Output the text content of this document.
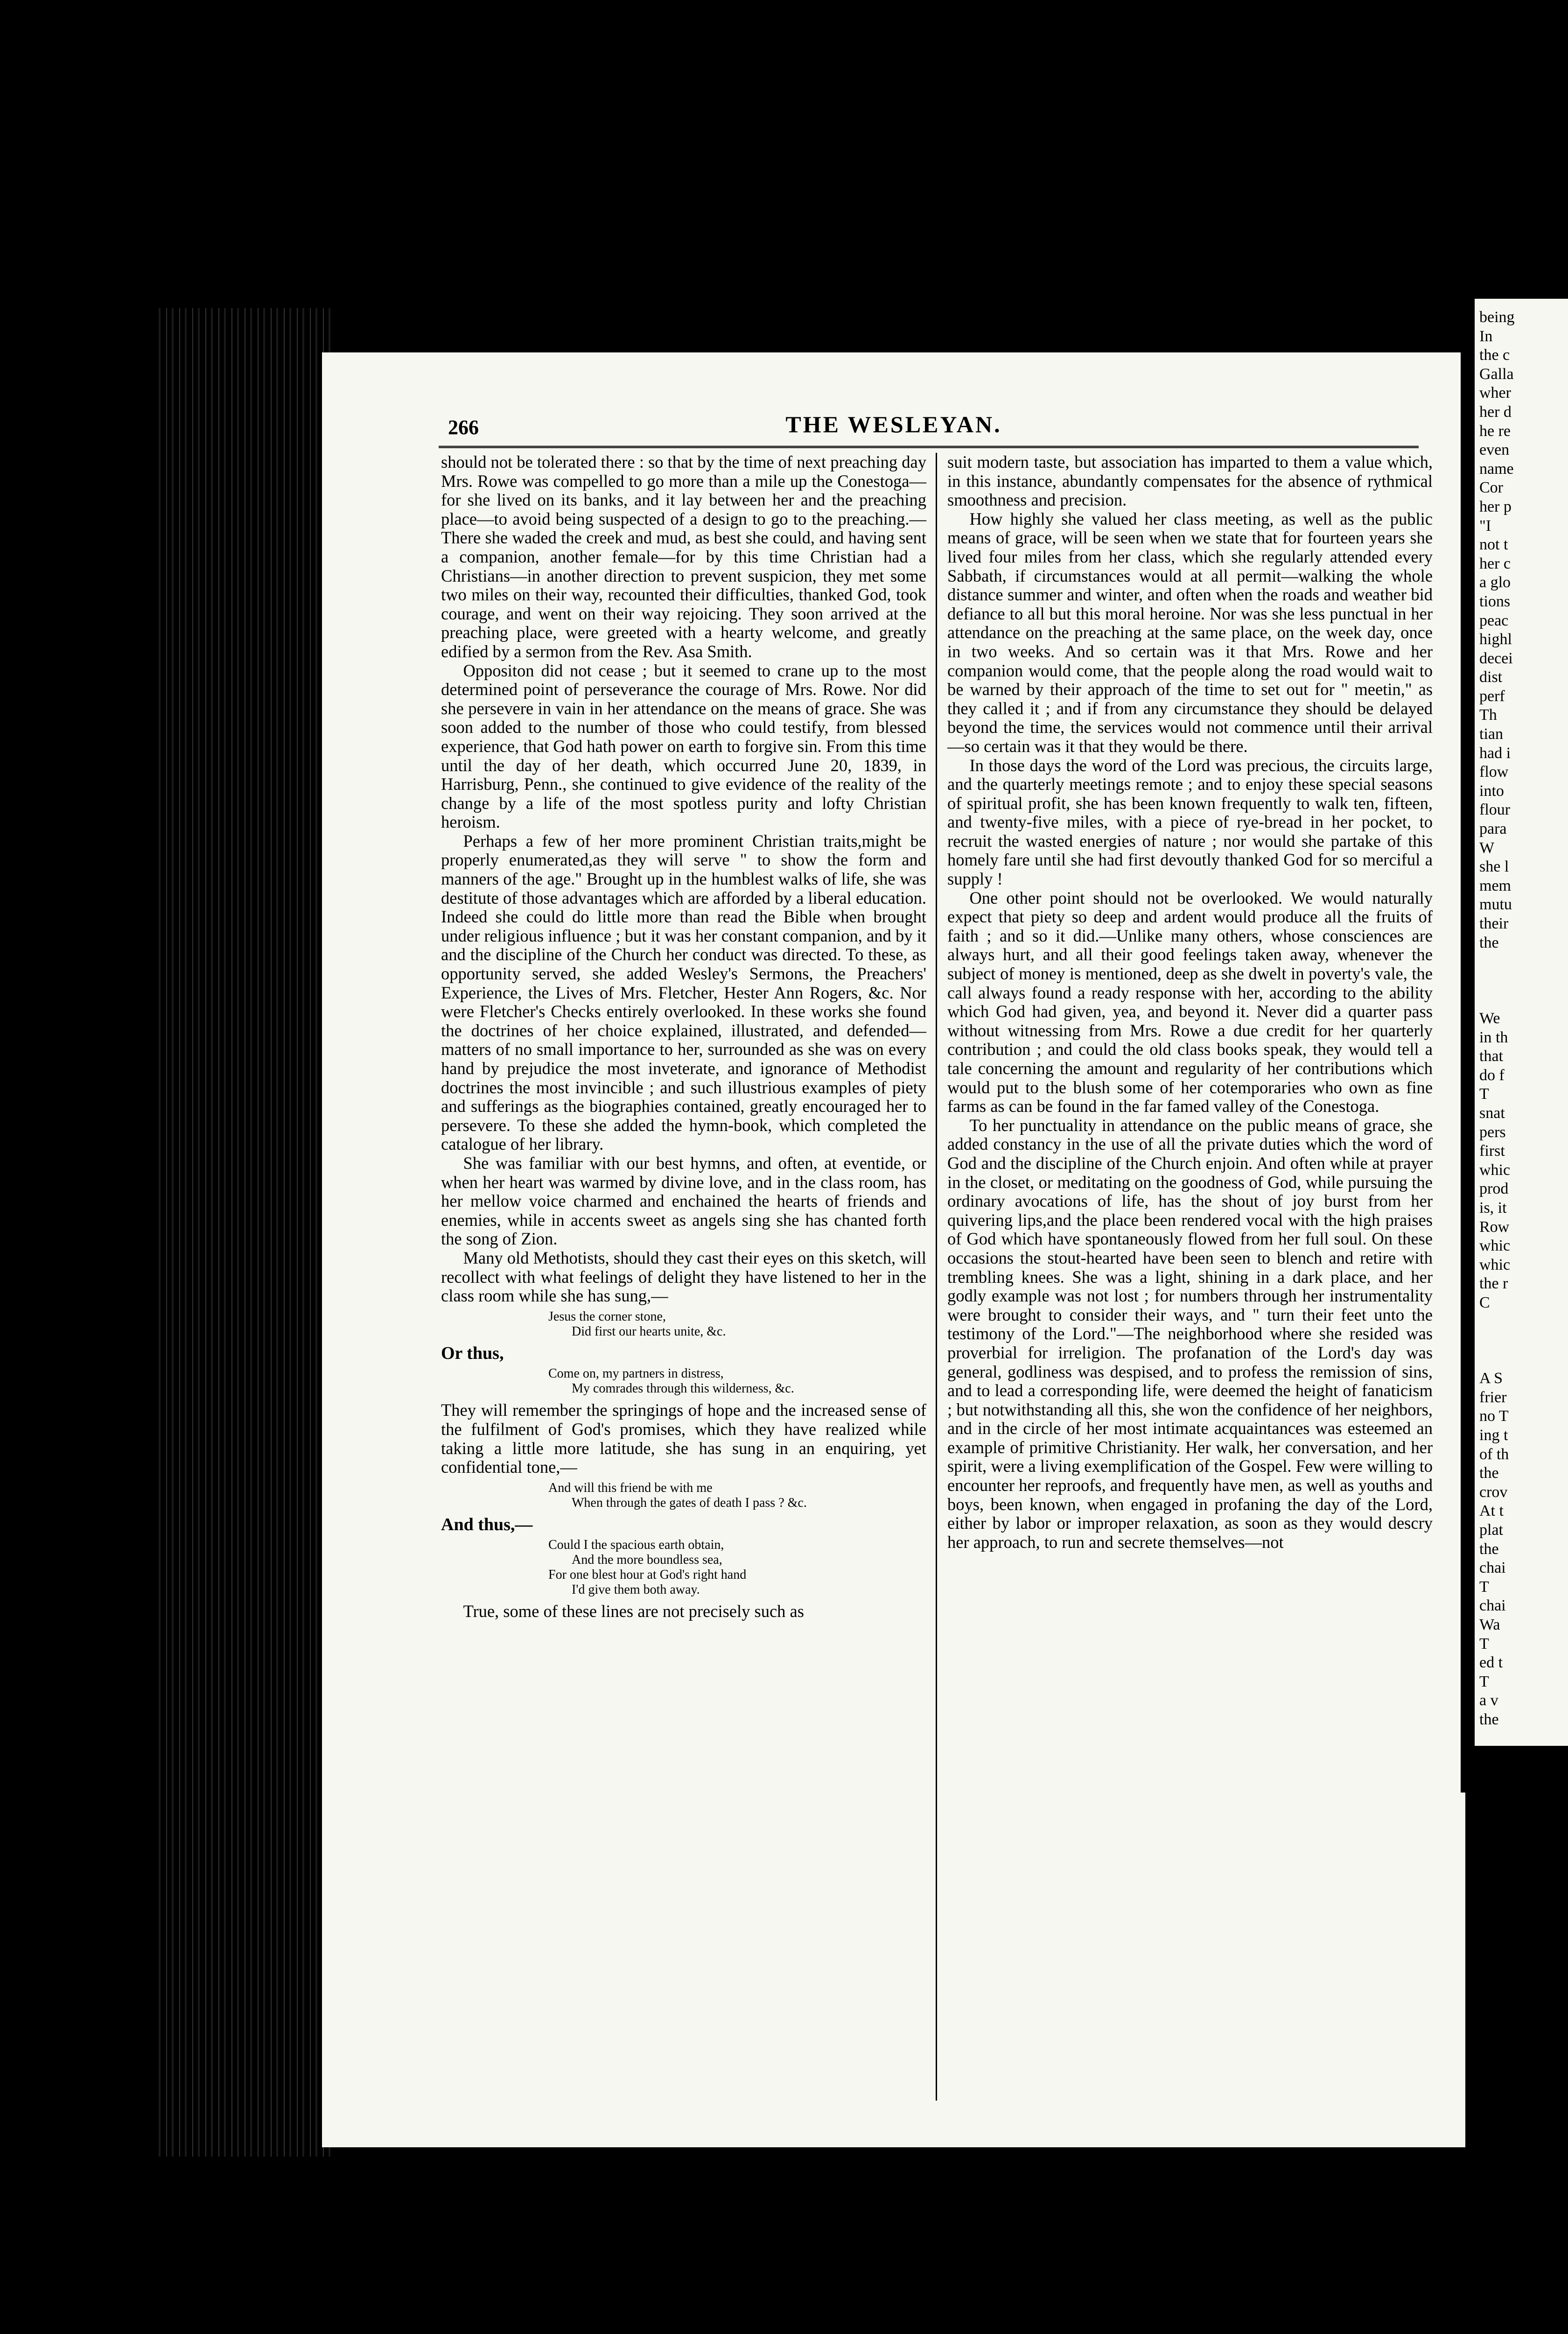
266	THE WESLEYAN.

should not be tolerated there : so that by the time of next preaching day Mrs. Rowe was compelled to go more than a mile up the Conestoga—for she lived on its banks, and it lay between her and the preaching place—to avoid being suspected of a design to go to the preaching.—There she waded the creek and mud, as best she could, and having sent a companion, another female—for by this time Christian had a Christians—in another direction to prevent suspicion, they met some two miles on their way, recounted their difficulties, thanked God, took courage, and went on their way rejoicing. They soon arrived at the preaching place, were greeted with a hearty welcome, and greatly edified by a sermon from the Rev. Asa Smith.

Oppositon did not cease ; but it seemed to crane up to the most determined point of perseverance the courage of Mrs. Rowe. Nor did she persevere in vain in her attendance on the means of grace. She was soon added to the number of those who could testify, from blessed experience, that God hath power on earth to forgive sin. From this time until the day of her death, which occurred June 20, 1839, in Harrisburg, Penn., she continued to give evidence of the reality of the change by a life of the most spotless purity and lofty Christian heroism.

Perhaps a few of her more prominent Christian traits,might be properly enumerated,as they will serve " to show the form and manners of the age." Brought up in the humblest walks of life, she was destitute of those advantages which are afforded by a liberal education. Indeed she could do little more than read the Bible when brought under religious influence ; but it was her constant companion, and by it and the discipline of the Church her conduct was directed. To these, as opportunity served, she added Wesley's Sermons, the Preachers' Experience, the Lives of Mrs. Fletcher, Hester Ann Rogers, &c. Nor were Fletcher's Checks entirely overlooked. In these works she found the doctrines of her choice explained, illustrated, and defended—matters of no small importance to her, surrounded as she was on every hand by prejudice the most inveterate, and ignorance of Methodist doctrines the most invincible ; and such illustrious examples of piety and sufferings as the biographies contained, greatly encouraged her to persevere. To these she added the hymn-book, which completed the catalogue of her library.

She was familiar with our best hymns, and often, at eventide, or when her heart was warmed by divine love, and in the class room, has her mellow voice charmed and enchained the hearts of friends and enemies, while in accents sweet as angels sing she has chanted forth the song of Zion.

Many old Methotists, should they cast their eyes on this sketch, will recollect with what feelings of delight they have listened to her in the class room while she has sung,—

Jesus the corner stone,
Did first our hearts unite, &c.
Or thus,
Come on, my partners in distress,
My comrades through this wilderness, &c.

They will remember the springings of hope and the increased sense of the fulfilment of God's promises, which they have realized while taking a little more latitude, she has sung in an enquiring, yet confidential tone,—

And will this friend be with me
When through the gates of death I pass ? &c.
And thus,—
Could I the spacious earth obtain,
And the more boundless sea,
For one blest hour at God's right hand
I'd give them both away.

True, some of these lines are not precisely such as

suit modern taste, but association has imparted to them a value which, in this instance, abundantly compensates for the absence of rythmical smoothness and precision.

How highly she valued her class meeting, as well as the public means of grace, will be seen when we state that for fourteen years she lived four miles from her class, which she regularly attended every Sabbath, if circumstances would at all permit—walking the whole distance summer and winter, and often when the roads and weather bid defiance to all but this moral heroine. Nor was she less punctual in her attendance on the preaching at the same place, on the week day, once in two weeks. And so certain was it that Mrs. Rowe and her companion would come, that the people along the road would wait to be warned by their approach of the time to set out for " meetin," as they called it ; and if from any circumstance they should be delayed beyond the time, the services would not commence until their arrival —so certain was it that they would be there.

In those days the word of the Lord was precious, the circuits large, and the quarterly meetings remote ; and to enjoy these special seasons of spiritual profit, she has been known frequently to walk ten, fifteen, and twenty-five miles, with a piece of rye-bread in her pocket, to recruit the wasted energies of nature ; nor would she partake of this homely fare until she had first devoutly thanked God for so merciful a supply !

One other point should not be overlooked. We would naturally expect that piety so deep and ardent would produce all the fruits of faith ; and so it did.—Unlike many others, whose consciences are always hurt, and all their good feelings taken away, whenever the subject of money is mentioned, deep as she dwelt in poverty's vale, the call always found a ready response with her, according to the ability which God had given, yea, and beyond it. Never did a quarter pass without witnessing from Mrs. Rowe a due credit for her quarterly contribution ; and could the old class books speak, they would tell a tale concerning the amount and regularity of her contributions which would put to the blush some of her cotemporaries who own as fine farms as can be found in the far famed valley of the Conestoga.

To her punctuality in attendance on the public means of grace, she added constancy in the use of all the private duties which the word of God and the discipline of the Church enjoin. And often while at prayer in the closet, or meditating on the goodness of God, while pursuing the ordinary avocations of life, has the shout of joy burst from her quivering lips,and the place been rendered vocal with the high praises of God which have spontaneously flowed from her full soul. On these occasions the stout-hearted have been seen to blench and retire with trembling knees. She was a light, shining in a dark place, and her godly example was not lost ; for numbers through her instrumentality were brought to consider their ways, and " turn their feet unto the testimony of the Lord."—The neighborhood where she resided was proverbial for irreligion. The profanation of the Lord's day was general, godliness was despised, and to profess the remission of sins, and to lead a corresponding life, were deemed the height of fanaticism ; but notwithstanding all this, she won the confidence of her neighbors, and in the circle of her most intimate acquaintances was esteemed an example of primitive Christianity. Her walk, her conversation, and her spirit, were a living exemplification of the Gospel. Few were willing to encounter her reproofs, and frequently have men, as well as youths and boys, been known, when engaged in profaning the day of the Lord, either by labor or improper relaxation, as soon as they would descry her approach, to run and secrete themselves—not

being
In
the c
Galla
wher
her d
he re
even
name
Cor
her p
"I
not t
her c
a glo
tions
peac
highl
decei
dist
perf
Th
tian
had i
flow
into
flour
para
W
she l
mem
mutu
their
the
We
in th
that
do f
T
snat
pers
first
whic
prod
is, it
Row
whic
whic
the r
C
A S
frier
no T
ing t
of th
the
crov
At t
plat
the
chai
T
chai
Wa
T
ed t
T
a v
the
